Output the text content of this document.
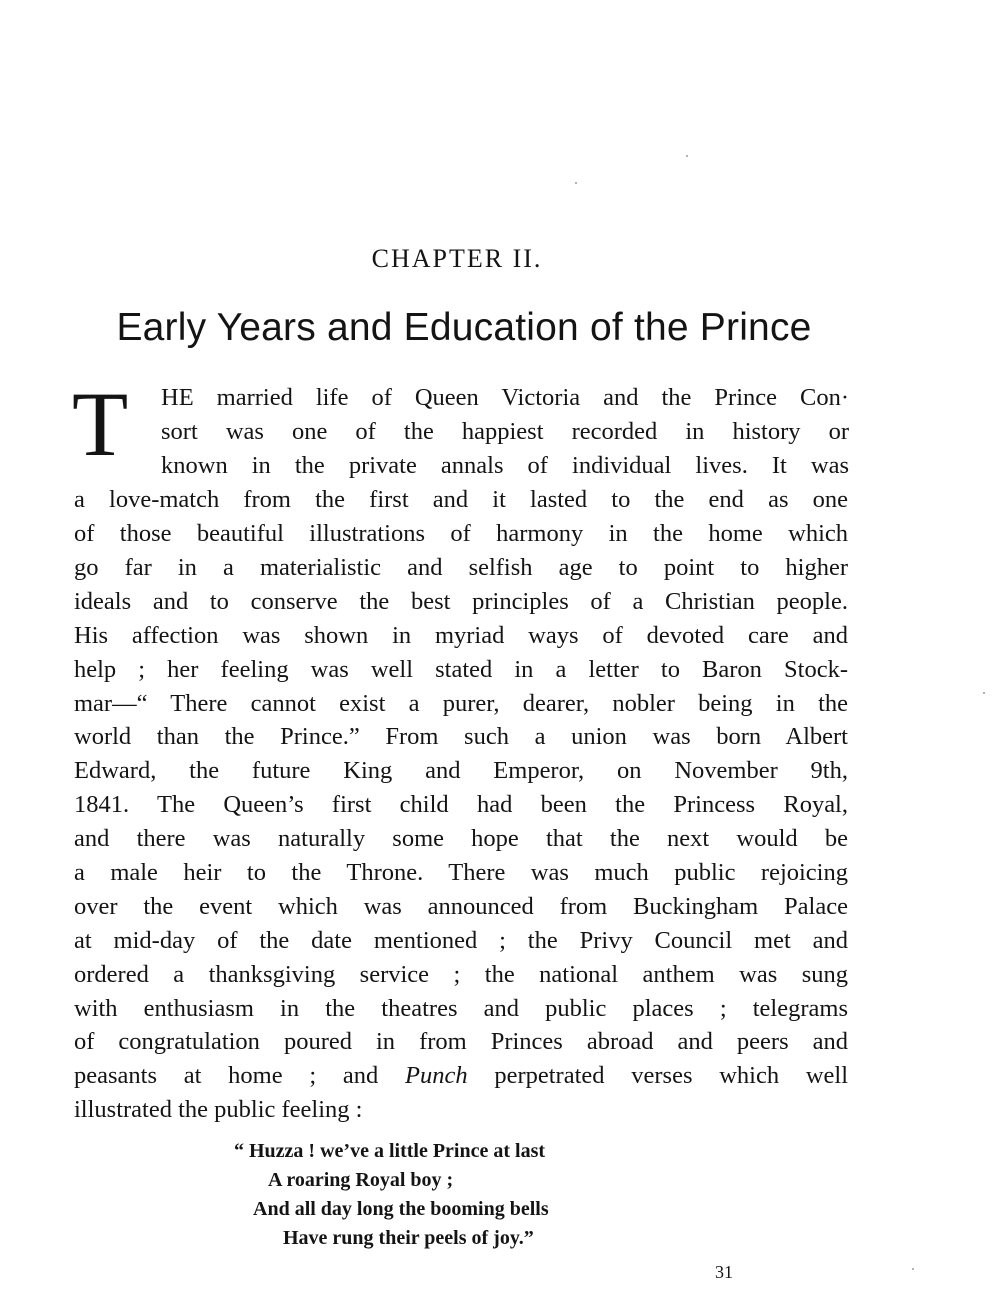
CHAPTER II.
Early Years and Education of the Prince
T HE married life of Queen Victoria and the Prince Con·
sort was one of the happiest recorded in history or
known in the private annals of individual lives. It was
a love-match from the first and it lasted to the end as one
of those beautiful illustrations of harmony in the home which
go far in a materialistic and selfish age to point to higher
ideals and to conserve the best principles of a Christian people.
His affection was shown in myriad ways of devoted care and
help ; her feeling was well stated in a letter to Baron Stock-
mar—“ There cannot exist a purer, dearer, nobler being in the
world than the Prince.” From such a union was born Albert
Edward, the future King and Emperor, on November 9th,
1841. The Queen’s first child had been the Princess Royal,
and there was naturally some hope that the next would be
a male heir to the Throne. There was much public rejoicing
over the event which was announced from Buckingham Palace
at mid-day of the date mentioned ; the Privy Council met and
ordered a thanksgiving service ; the national anthem was sung
with enthusiasm in the theatres and public places ; telegrams
of congratulation poured in from Princes abroad and peers and
peasants at home ; and Punch perpetrated verses which well
illustrated the public feeling :
“ Huzza ! we’ve a little Prince at last
A roaring Royal boy ;
And all day long the booming bells
Have rung their peels of joy.”
31
